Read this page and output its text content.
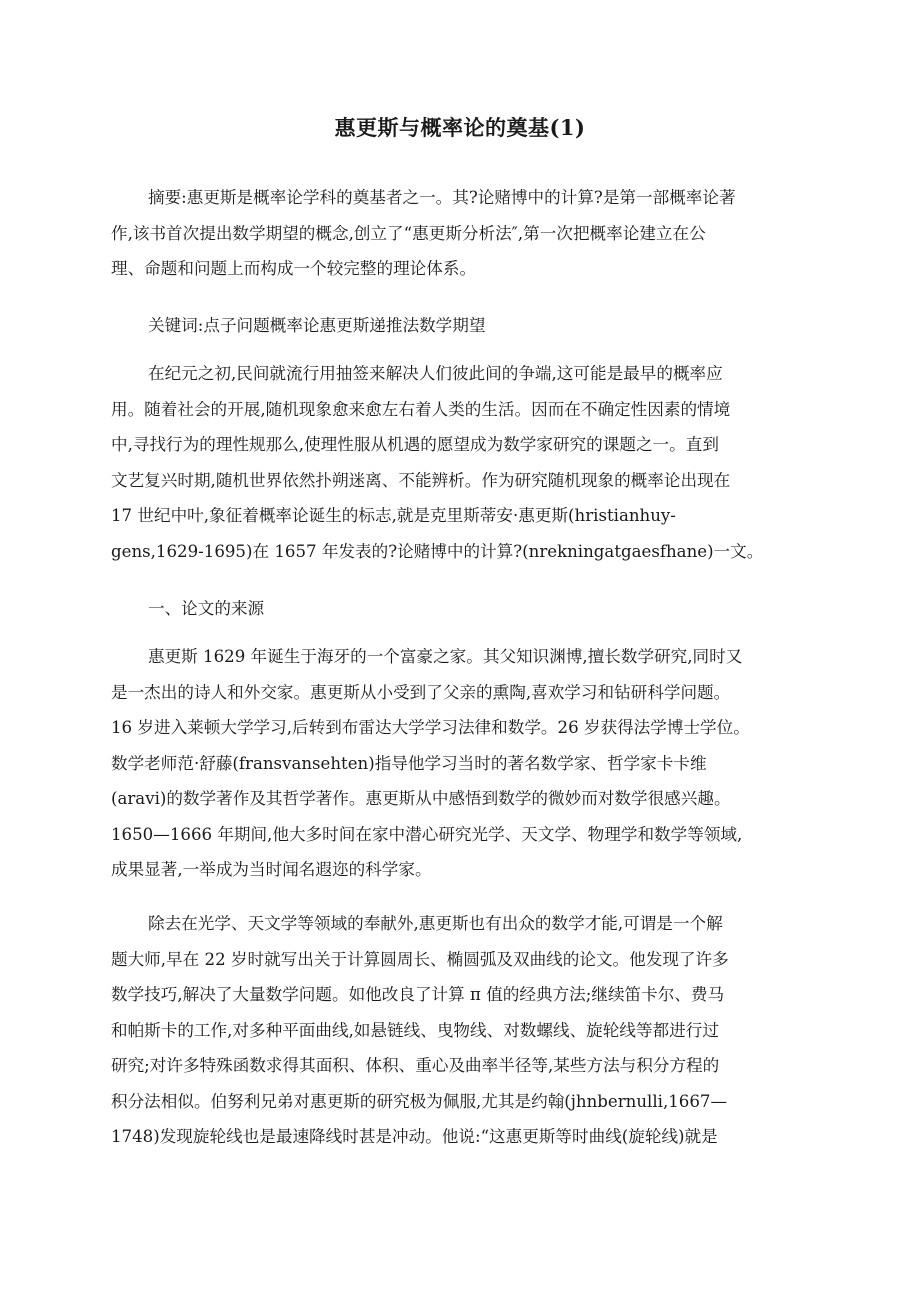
惠更斯与概率论的奠基(1)
摘要:惠更斯是概率论学科的奠基者之一。其?论赌博中的计算?是第一部概率论著
作,该书首次提出数学期望的概念,创立了“惠更斯分析法″,第一次把概率论建立在公
理、命题和问题上而构成一个较完整的理论体系。

关键词:点子问题概率论惠更斯递推法数学期望

在纪元之初,民间就流行用抽签来解决人们彼此间的争端,这可能是最早的概率应
用。随着社会的开展,随机现象愈来愈左右着人类的生活。因而在不确定性因素的情境
中,寻找行为的理性规那么,使理性服从机遇的愿望成为数学家研究的课题之一。直到
文艺复兴时期,随机世界依然扑朔迷离、不能辨析。作为研究随机现象的概率论出现在
17 世纪中叶,象征着概率论诞生的标志,就是克里斯蒂安·惠更斯(hristianhuy-
gens,1629-1695)在 1657 年发表的?论赌博中的计算?(nrekningatgaesfhane)一文。

一、论文的来源

惠更斯 1629 年诞生于海牙的一个富豪之家。其父知识渊博,擅长数学研究,同时又
是一杰出的诗人和外交家。惠更斯从小受到了父亲的熏陶,喜欢学习和钻研科学问题。
16 岁进入莱顿大学学习,后转到布雷达大学学习法律和数学。26 岁获得法学博士学位。
数学老师范·舒藤(fransvansehten)指导他学习当时的著名数学家、哲学家卡卡维
(aravi)的数学著作及其哲学著作。惠更斯从中感悟到数学的微妙而对数学很感兴趣。
1650—1666 年期间,他大多时间在家中潜心研究光学、天文学、物理学和数学等领域,
成果显著,一举成为当时闻名遐迩的科学家。
除去在光学、天文学等领域的奉献外,惠更斯也有出众的数学才能,可谓是一个解
题大师,早在 22 岁时就写出关于计算圆周长、椭圆弧及双曲线的论文。他发现了许多
数学技巧,解决了大量数学问题。如他改良了计算 π 值的经典方法;继续笛卡尔、费马
和帕斯卡的工作,对多种平面曲线,如悬链线、曳物线、对数螺线、旋轮线等都进行过
研究;对许多特殊函数求得其面积、体积、重心及曲率半径等,某些方法与积分方程的
积分法相似。伯努利兄弟对惠更斯的研究极为佩服,尤其是约翰(jhnbernulli,1667—
1748)发现旋轮线也是最速降线时甚是冲动。他说:“这惠更斯等时曲线(旋轮线)就是
